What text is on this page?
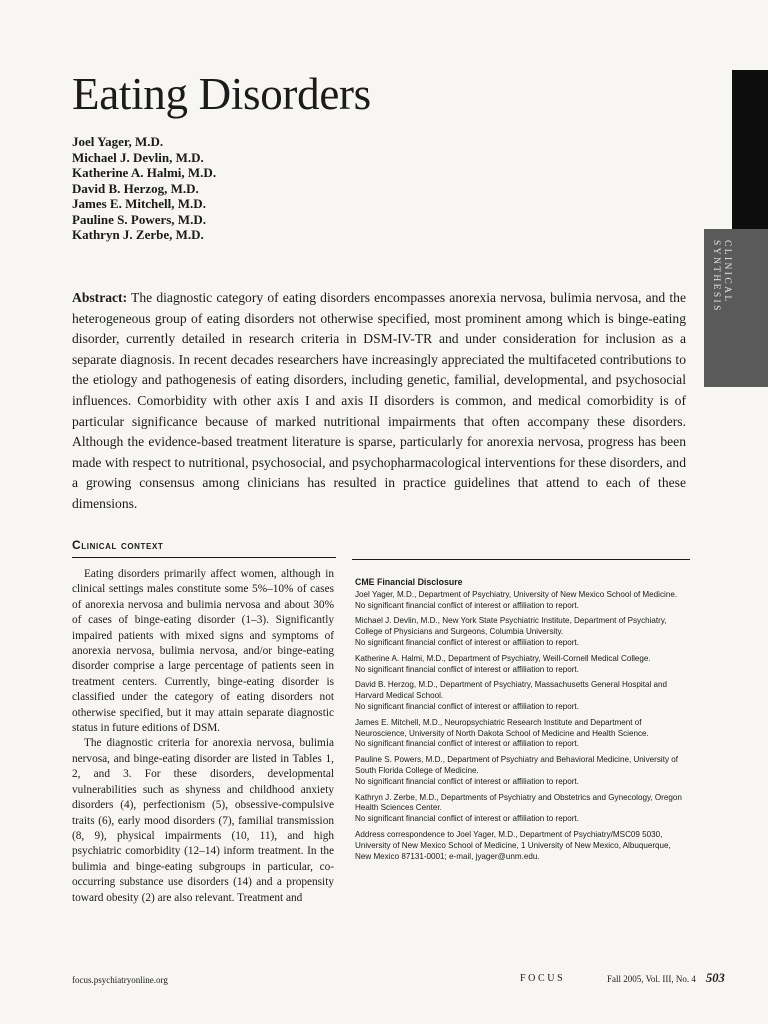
Eating Disorders
Joel Yager, M.D.
Michael J. Devlin, M.D.
Katherine A. Halmi, M.D.
David B. Herzog, M.D.
James E. Mitchell, M.D.
Pauline S. Powers, M.D.
Kathryn J. Zerbe, M.D.
CLINICAL SYNTHESIS

Abstract: The diagnostic category of eating disorders encompasses anorexia nervosa, bulimia nervosa, and the heterogeneous group of eating disorders not otherwise specified, most prominent among which is binge-eating disorder, currently detailed in research criteria in DSM-IV-TR and under consideration for inclusion as a separate diagnosis. In recent decades researchers have increasingly appreciated the multifaceted contributions to the etiology and pathogenesis of eating disorders, including genetic, familial, developmental, and psychosocial influences. Comorbidity with other axis I and axis II disorders is common, and medical comorbidity is of particular significance because of marked nutritional impairments that often accompany these disorders. Although the evidence-based treatment literature is sparse, particularly for anorexia nervosa, progress has been made with respect to nutritional, psychosocial, and psychopharmacological interventions for these disorders, and a growing consensus among clinicians has resulted in practice guidelines that attend to each of these dimensions.

Clinical context

Eating disorders primarily affect women, although in clinical settings males constitute some 5%–10% of cases of anorexia nervosa and bulimia nervosa and about 30% of cases of binge-eating disorder (1–3). Significantly impaired patients with mixed signs and symptoms of anorexia nervosa, bulimia nervosa, and/or binge-eating disorder comprise a large percentage of patients seen in treatment centers. Currently, binge-eating disorder is classified under the category of eating disorders not otherwise specified, but it may attain separate diagnostic status in future editions of DSM.

The diagnostic criteria for anorexia nervosa, bulimia nervosa, and binge-eating disorder are listed in Tables 1, 2, and 3. For these disorders, developmental vulnerabilities such as shyness and childhood anxiety disorders (4), perfectionism (5), obsessive-compulsive traits (6), early mood disorders (7), familial transmission (8, 9), physical impairments (10, 11), and high psychiatric comorbidity (12–14) inform treatment. In the bulimia and binge-eating subgroups in particular, co-occurring substance use disorders (14) and a propensity toward obesity (2) are also relevant. Treatment and

CME Financial Disclosure
Joel Yager, M.D., Department of Psychiatry, University of New Mexico School of Medicine.
No significant financial conflict of interest or affiliation to report.
Michael J. Devlin, M.D., New York State Psychiatric Institute, Department of Psychiatry, College of Physicians and Surgeons, Columbia University.
No significant financial conflict of interest or affiliation to report.
Katherine A. Halmi, M.D., Department of Psychiatry, Weill-Cornell Medical College.
No significant financial conflict of interest or affiliation to report.
David B. Herzog, M.D., Department of Psychiatry, Massachusetts General Hospital and Harvard Medical School.
No significant financial conflict of interest or affiliation to report.
James E. Mitchell, M.D., Neuropsychiatric Research Institute and Department of Neuroscience, University of North Dakota School of Medicine and Health Science.
No significant financial conflict of interest or affiliation to report.
Pauline S. Powers, M.D., Department of Psychiatry and Behavioral Medicine, University of South Florida College of Medicine.
No significant financial conflict of interest or affiliation to report.
Kathryn J. Zerbe, M.D., Departments of Psychiatry and Obstetrics and Gynecology, Oregon Health Sciences Center.
No significant financial conflict of interest or affiliation to report.
Address correspondence to Joel Yager, M.D., Department of Psychiatry/MSC09 5030, University of New Mexico School of Medicine, 1 University of New Mexico, Albuquerque, New Mexico 87131-0001; e-mail, jyager@unm.edu.
focus.psychiatryonline.org	FOCUS	Fall 2005, Vol. III, No. 4 503
